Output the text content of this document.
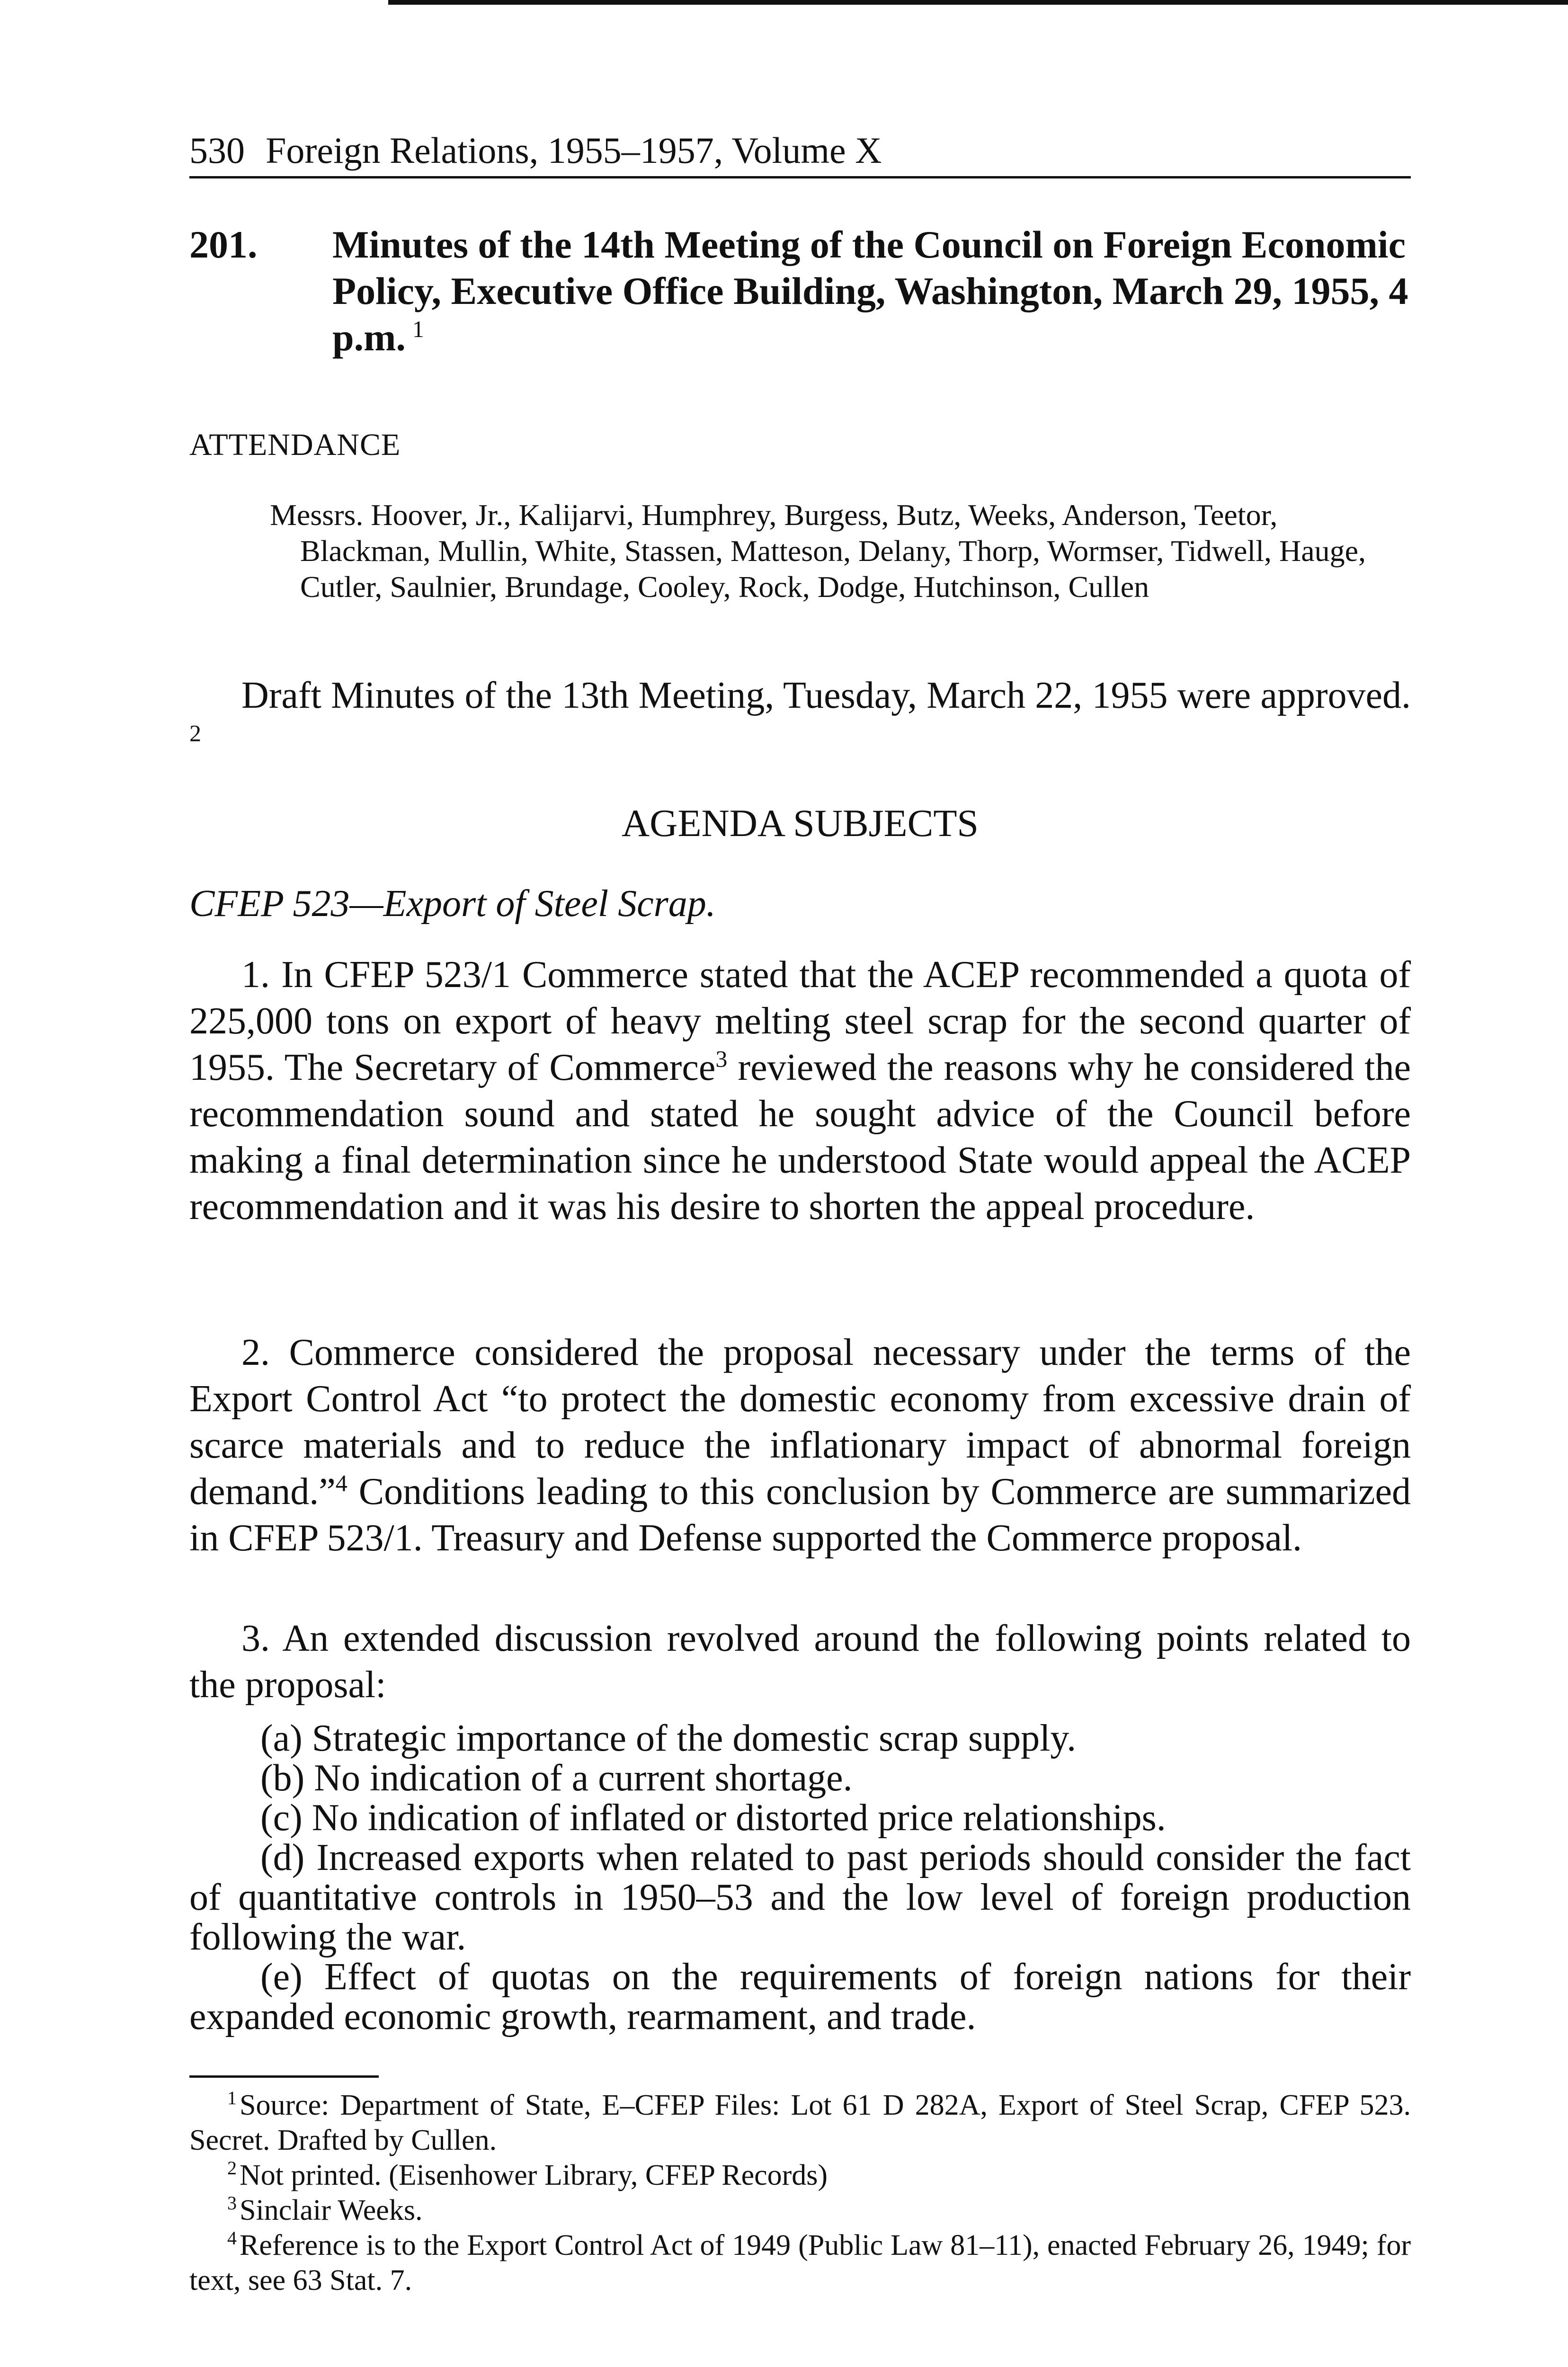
530 Foreign Relations, 1955–1957, Volume X
201. Minutes of the 14th Meeting of the Council on Foreign Economic Policy, Executive Office Building, Washington, March 29, 1955, 4 p.m. $^1$
ATTENDANCE
Messrs. Hoover, Jr., Kalijarvi, Humphrey, Burgess, Butz, Weeks, Anderson, Teetor, Blackman, Mullin, White, Stassen, Matteson, Delany, Thorp, Wormser, Tidwell, Hauge, Cutler, Saulnier, Brundage, Cooley, Rock, Dodge, Hutchinson, Cullen
Draft Minutes of the 13th Meeting, Tuesday, March 22, 1955 were approved. $^2$
AGENDA SUBJECTS
CFEP 523—Export of Steel Scrap.
1. In CFEP 523/1 Commerce stated that the ACEP recommended a quota of 225,000 tons on export of heavy melting steel scrap for the second quarter of 1955. The Secretary of Commerce$^3$ reviewed the reasons why he considered the recommendation sound and stated he sought advice of the Council before making a final determination since he understood State would appeal the ACEP recommendation and it was his desire to shorten the appeal procedure.
2. Commerce considered the proposal necessary under the terms of the Export Control Act “to protect the domestic economy from excessive drain of scarce materials and to reduce the inflationary impact of abnormal foreign demand.”$^4$ Conditions leading to this conclusion by Commerce are summarized in CFEP 523/1. Treasury and Defense supported the Commerce proposal.
3. An extended discussion revolved around the following points related to the proposal:
(a) Strategic importance of the domestic scrap supply.
(b) No indication of a current shortage.
(c) No indication of inflated or distorted price relationships.
(d) Increased exports when related to past periods should consider the fact of quantitative controls in 1950–53 and the low level of foreign production following the war.
(e) Effect of quotas on the requirements of foreign nations for their expanded economic growth, rearmament, and trade.
$^1$Source: Department of State, E–CFEP Files: Lot 61 D 282A, Export of Steel Scrap, CFEP 523. Secret. Drafted by Cullen.
$^2$Not printed. (Eisenhower Library, CFEP Records)
$^3$Sinclair Weeks.
$^4$Reference is to the Export Control Act of 1949 (Public Law 81–11), enacted February 26, 1949; for text, see 63 Stat. 7.
